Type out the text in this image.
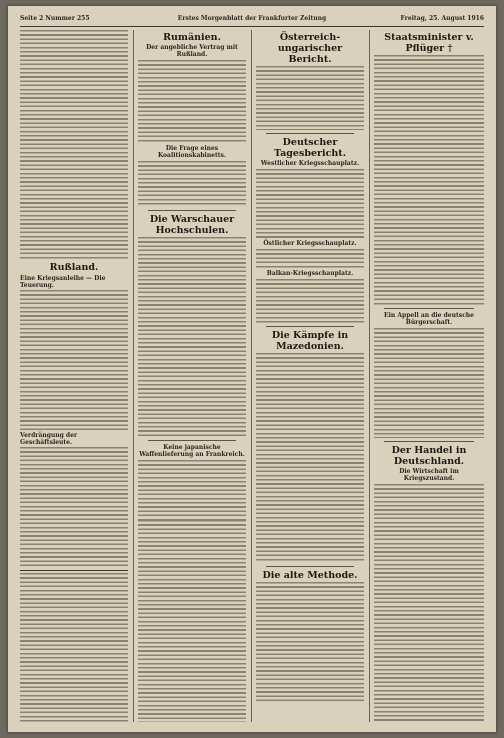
Seite 2 Nummer 255	Erstes Morgenblatt der Frankfurter Zeitung	Freitag, 25. August 1916
Rußland.
Eine Kriegsanleihe — Die Teuerung.
Verdrängung der Geschäftsleute.
Rumänien.
Der angebliche Vertrag mit Rußland.
Die Frage eines Koalitionskabinetts.
Die Warschauer Hochschulen.
Keine japanische Waffenlieferung an Frankreich.
Österreich-ungarischer Bericht.
Deutscher Tagesbericht.
Westlicher Kriegsschauplatz.
Östlicher Kriegsschauplatz.
Balkan-Kriegsschauplatz.
Die Kämpfe in Mazedonien.
Die alte Methode.
Staatsminister v. Pflüger †
Ein Appell an die deutsche Bürgerschaft.
Der Handel in Deutschland.
Die Wirtschaft im Kriegszustand.
